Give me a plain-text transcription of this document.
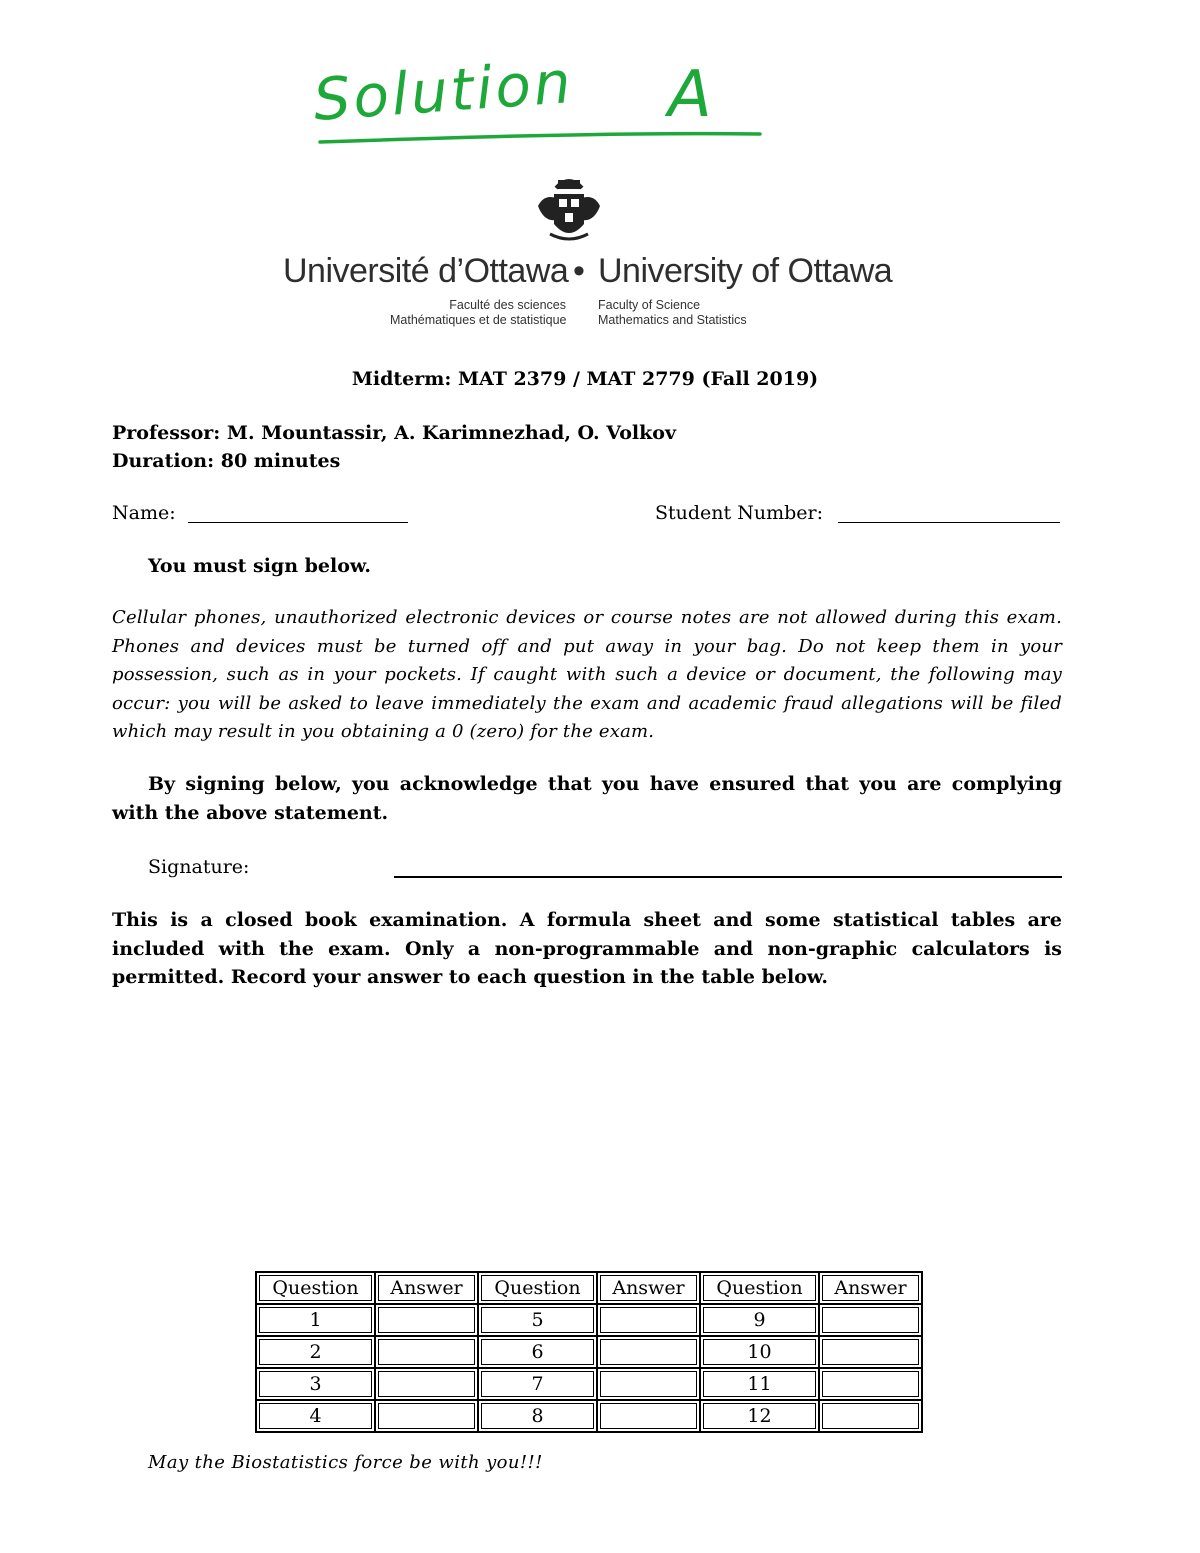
Solution A
Université d’Ottawa • University of Ottawa
Faculté des sciences
Mathématiques et de statistique
Faculty of Science
Mathematics and Statistics
Midterm: MAT 2379 / MAT 2779 (Fall 2019)
Professor: M. Mountassir, A. Karimnezhad, O. Volkov
Duration: 80 minutes
Name:	Student Number:
You must sign below.
Cellular phones, unauthorized electronic devices or course notes are not allowed during this exam. Phones and devices must be turned off and put away in your bag. Do not keep them in your possession, such as in your pockets. If caught with such a device or document, the following may occur: you will be asked to leave immediately the exam and academic fraud allegations will be filed which may result in you obtaining a 0 (zero) for the exam.
By signing below, you acknowledge that you have ensured that you are complying with the above statement.
Signature:
This is a closed book examination. A formula sheet and some statistical tables are included with the exam. Only a non-programmable and non-graphic calculators is permitted. Record your answer to each question in the table below.
Question	Answer	Question	Answer	Question	Answer
1		5		9	
2		6		10	
3		7		11	
4		8		12	
May the Biostatistics force be with you!!!
